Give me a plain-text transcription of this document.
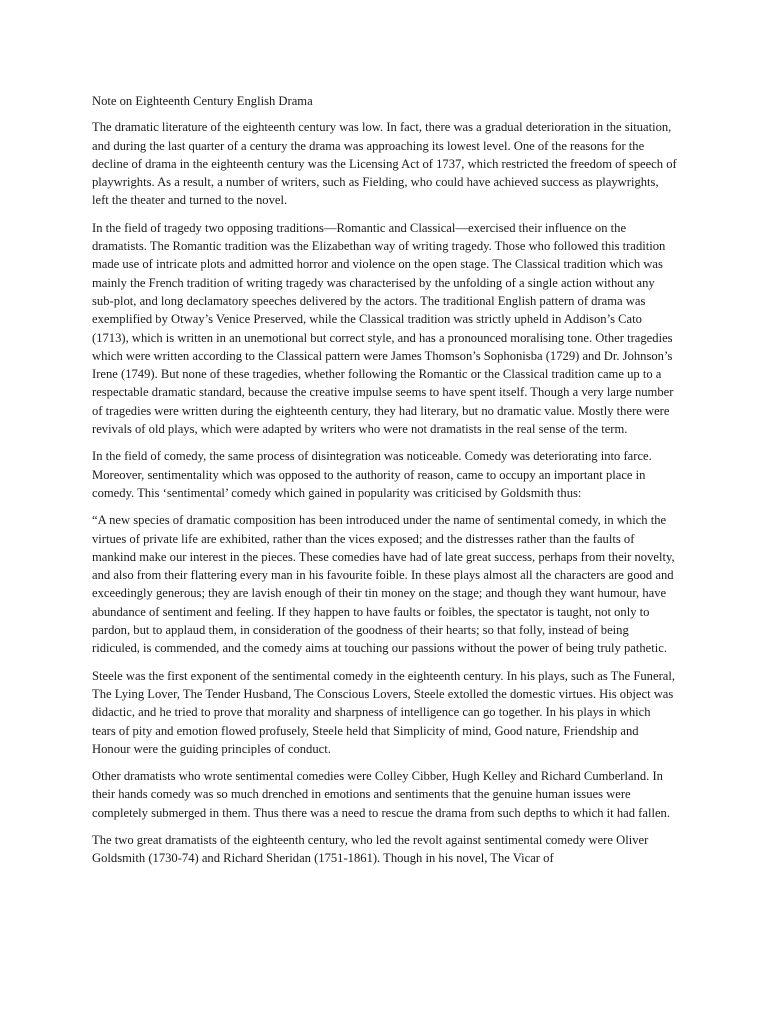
Note on Eighteenth Century English Drama

The dramatic literature of the eighteenth century was low. In fact, there was a gradual deterioration in the situation, and during the last quarter of a century the drama was approaching its lowest level. One of the reasons for the decline of drama in the eighteenth century was the Licensing Act of 1737, which restricted the freedom of speech of playwrights. As a result, a number of writers, such as Fielding, who could have achieved success as playwrights, left the theater and turned to the novel.

In the field of tragedy two opposing traditions—Romantic and Classical—exercised their influence on the dramatists. The Romantic tradition was the Elizabethan way of writing tragedy. Those who followed this tradition made use of intricate plots and admitted horror and violence on the open stage. The Classical tradition which was mainly the French tradition of writing tragedy was characterised by the unfolding of a single action without any sub-plot, and long declamatory speeches delivered by the actors. The traditional English pattern of drama was exemplified by Otway’s Venice Preserved, while the Classical tradition was strictly upheld in Addison’s Cato (1713), which is written in an unemotional but correct style, and has a pronounced moralising tone. Other tragedies which were written according to the Classical pattern were James Thomson’s Sophonisba (1729) and Dr. Johnson’s Irene (1749). But none of these tragedies, whether following the Romantic or the Classical tradition came up to a respectable dramatic standard, because the creative impulse seems to have spent itself. Though a very large number of tragedies were written during the eighteenth century, they had literary, but no dramatic value. Mostly there were revivals of old plays, which were adapted by writers who were not dramatists in the real sense of the term.

In the field of comedy, the same process of disintegration was noticeable. Comedy was deteriorating into farce. Moreover, sentimentality which was opposed to the authority of reason, came to occupy an important place in comedy. This ‘sentimental’ comedy which gained in popularity was criticised by Goldsmith thus:

“A new species of dramatic composition has been introduced under the name of sentimental comedy, in which the virtues of private life are exhibited, rather than the vices exposed; and the distresses rather than the faults of mankind make our interest in the pieces. These comedies have had of late great success, perhaps from their novelty, and also from their flattering every man in his favourite foible. In these plays almost all the characters are good and exceedingly generous; they are lavish enough of their tin money on the stage; and though they want humour, have abundance of sentiment and feeling. If they happen to have faults or foibles, the spectator is taught, not only to pardon, but to applaud them, in consideration of the goodness of their hearts; so that folly, instead of being ridiculed, is commended, and the comedy aims at touching our passions without the power of being truly pathetic.

Steele was the first exponent of the sentimental comedy in the eighteenth century. In his plays, such as The Funeral, The Lying Lover, The Tender Husband, The Conscious Lovers, Steele extolled the domestic virtues. His object was didactic, and he tried to prove that morality and sharpness of intelligence can go together. In his plays in which tears of pity and emotion flowed profusely, Steele held that Simplicity of mind, Good nature, Friendship and Honour were the guiding principles of conduct.

Other dramatists who wrote sentimental comedies were Colley Cibber, Hugh Kelley and Richard Cumberland. In their hands comedy was so much drenched in emotions and sentiments that the genuine human issues were completely submerged in them. Thus there was a need to rescue the drama from such depths to which it had fallen.

The two great dramatists of the eighteenth century, who led the revolt against sentimental comedy were Oliver Goldsmith (1730-74) and Richard Sheridan (1751-1861). Though in his novel, The Vicar of
